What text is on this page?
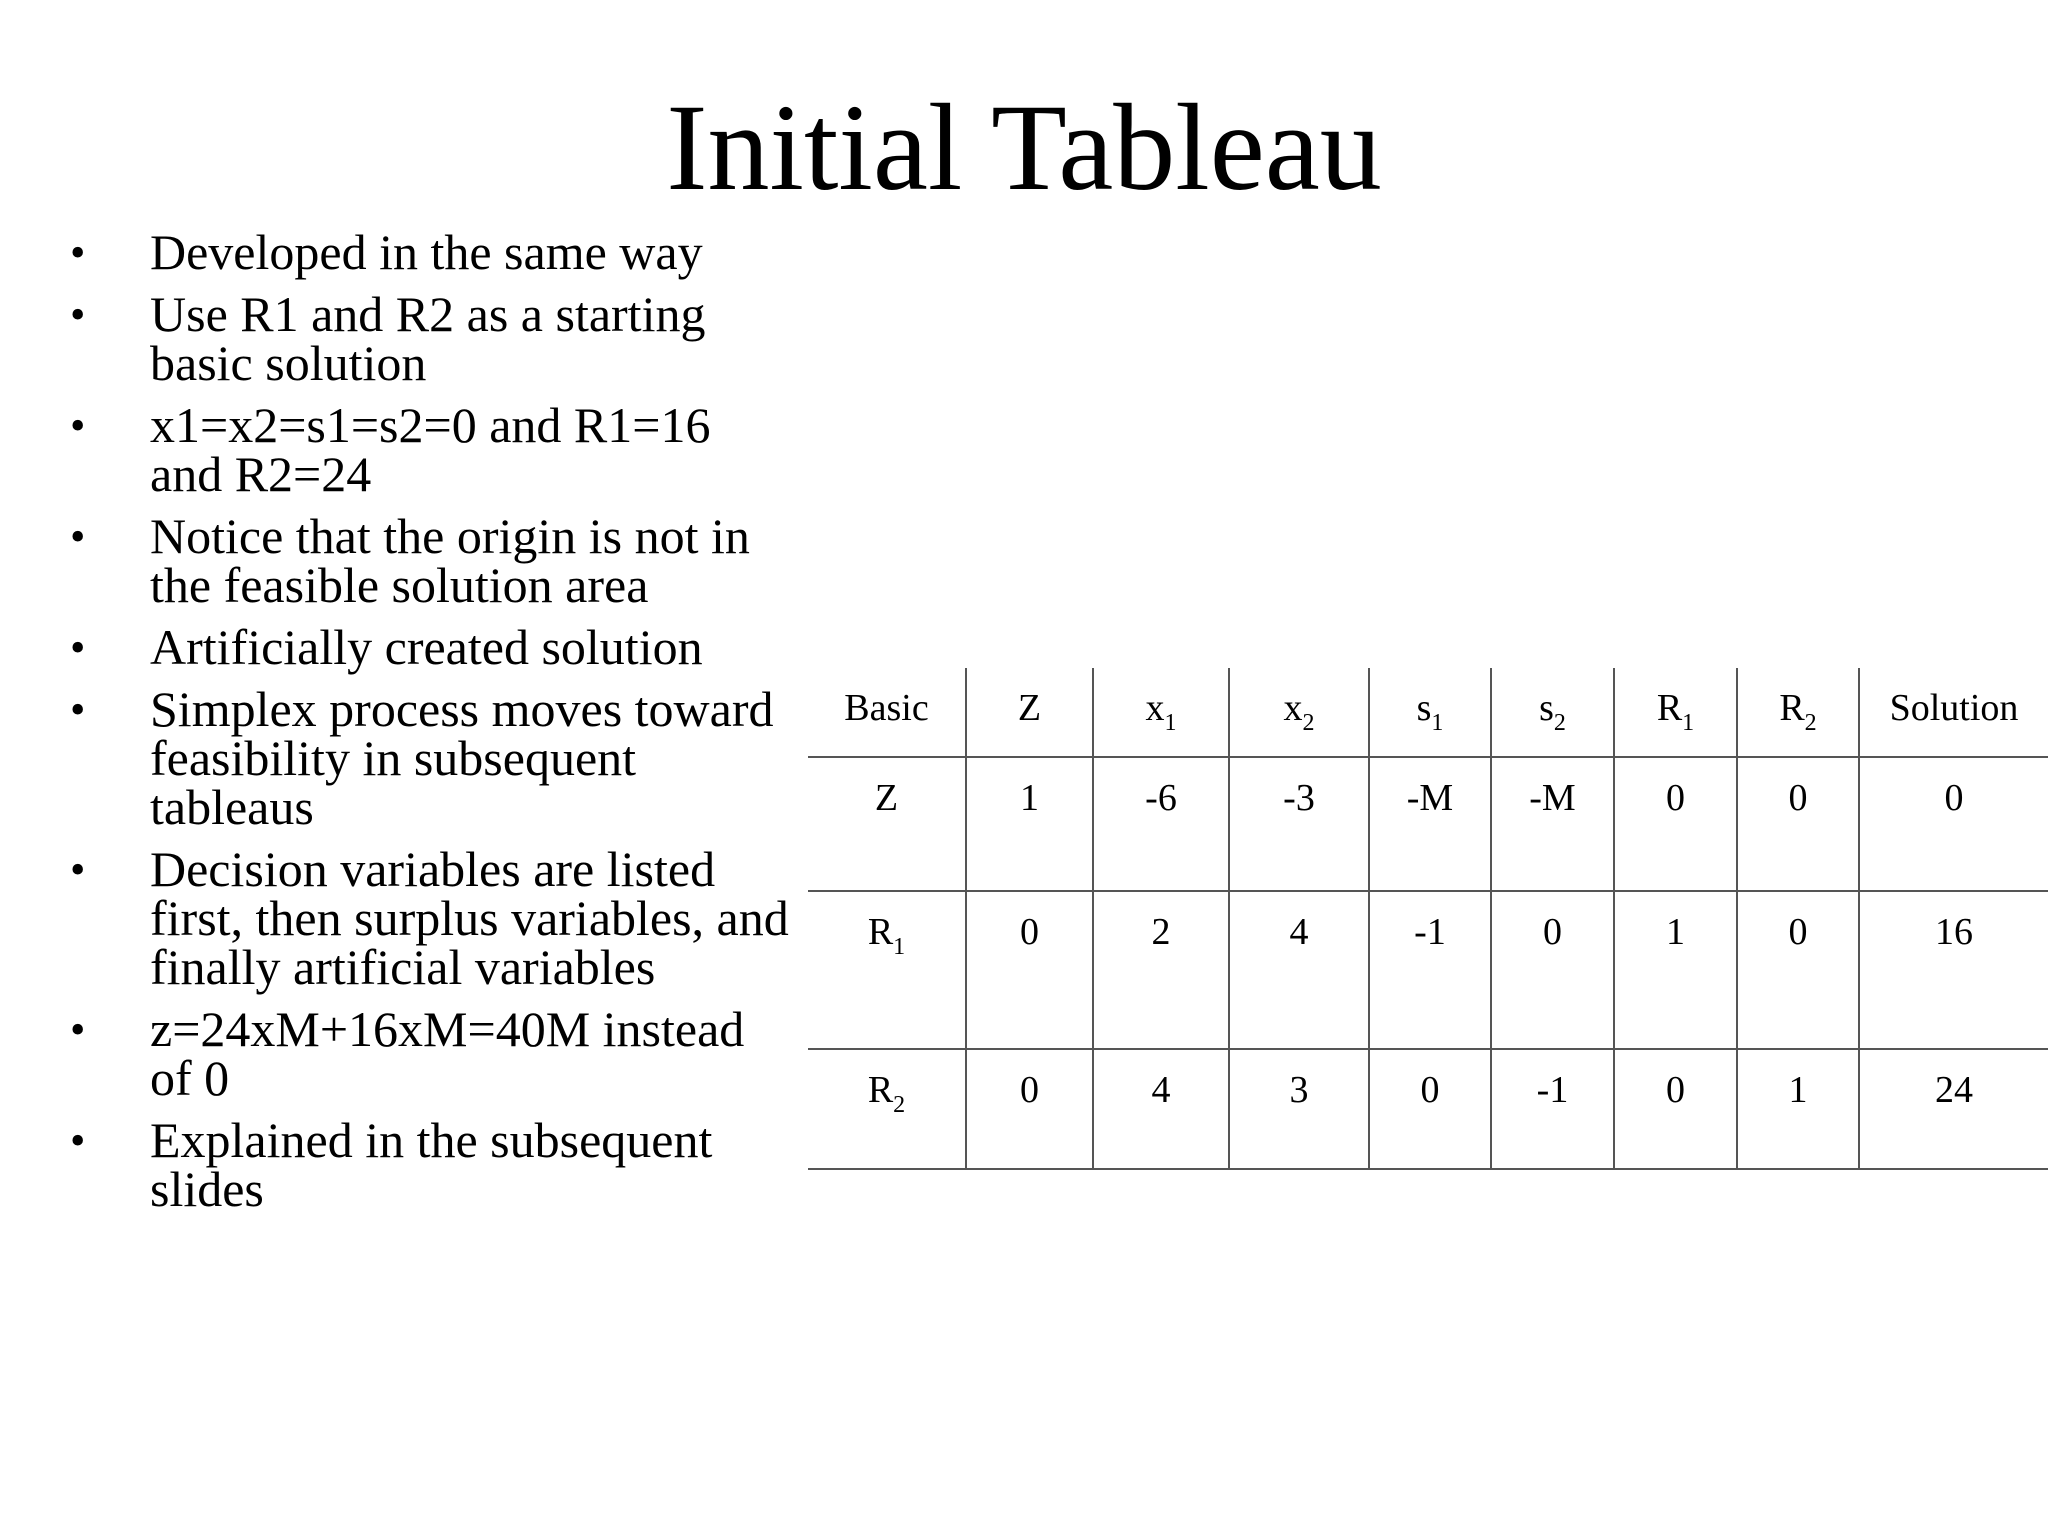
Initial Tableau
• Developed in the same way
• Use R1 and R2 as a starting basic solution
• x1=x2=s1=s2=0 and R1=16 and R2=24
• Notice that the origin is not in the feasible solution area
• Artificially created solution
• Simplex process moves toward feasibility in subsequent tableaus
• Decision variables are listed first, then surplus variables, and finally artificial variables
• z=24xM+16xM=40M instead of 0
• Explained in the subsequent slides
Basic	Z	$x_1$	$x_2$	$s_1$	$s_2$	$R_1$	$R_2$	Solution
Z	1	-6	-3	-M	-M	0	0	0
$R_1$	0	2	4	-1	0	1	0	16
$R_2$	0	4	3	0	-1	0	1	24
